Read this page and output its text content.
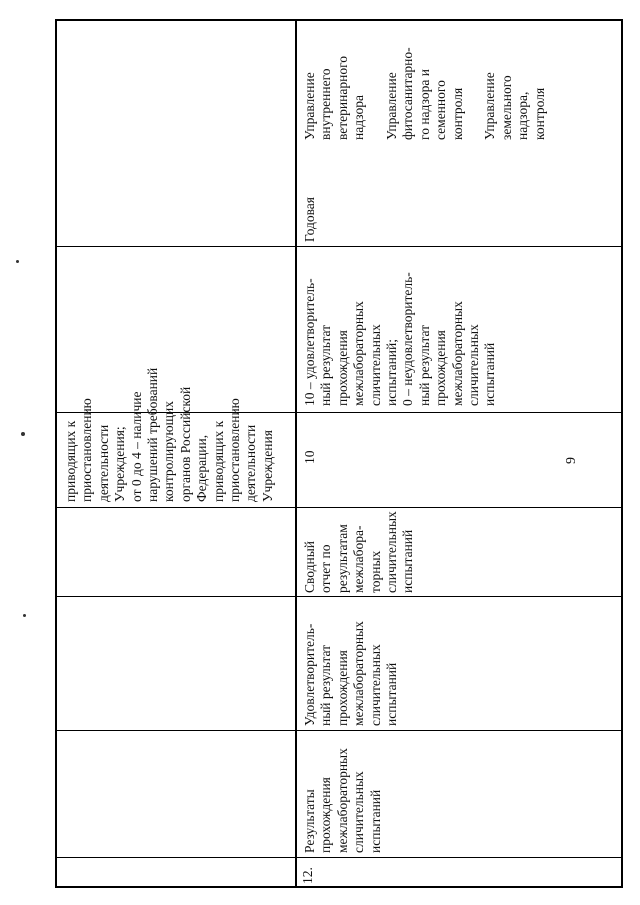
приводящих к
приостановлению
деятельности
Учреждения;
от 0 до 4 – наличие
нарушений требований
контролирующих
органов Российской
Федерации,
приводящих к
приостановлению
деятельности
Учреждения
Управление
внутреннего
ветеринарного
надзора

Управление
фитосанитарно-
го надзора и
семенного
контроля

Управление
земельного
надзора,
контроля
12.
Результаты
прохождения
межлабораторных
сличительных
испытаний
Удовлетворитель-
ный результат
прохождения
межлабораторных
сличительных
испытаний
Сводный
отчет по
результатам
межлабора-
торных
сличительных
испытаний
10
10 – удовлетворитель-
ный результат
прохождения
межлабораторных
сличительных
испытаний;
0 – неудовлетворитель-
ный результат
прохождения
межлабораторных
сличительных
испытаний
Годовая
9
